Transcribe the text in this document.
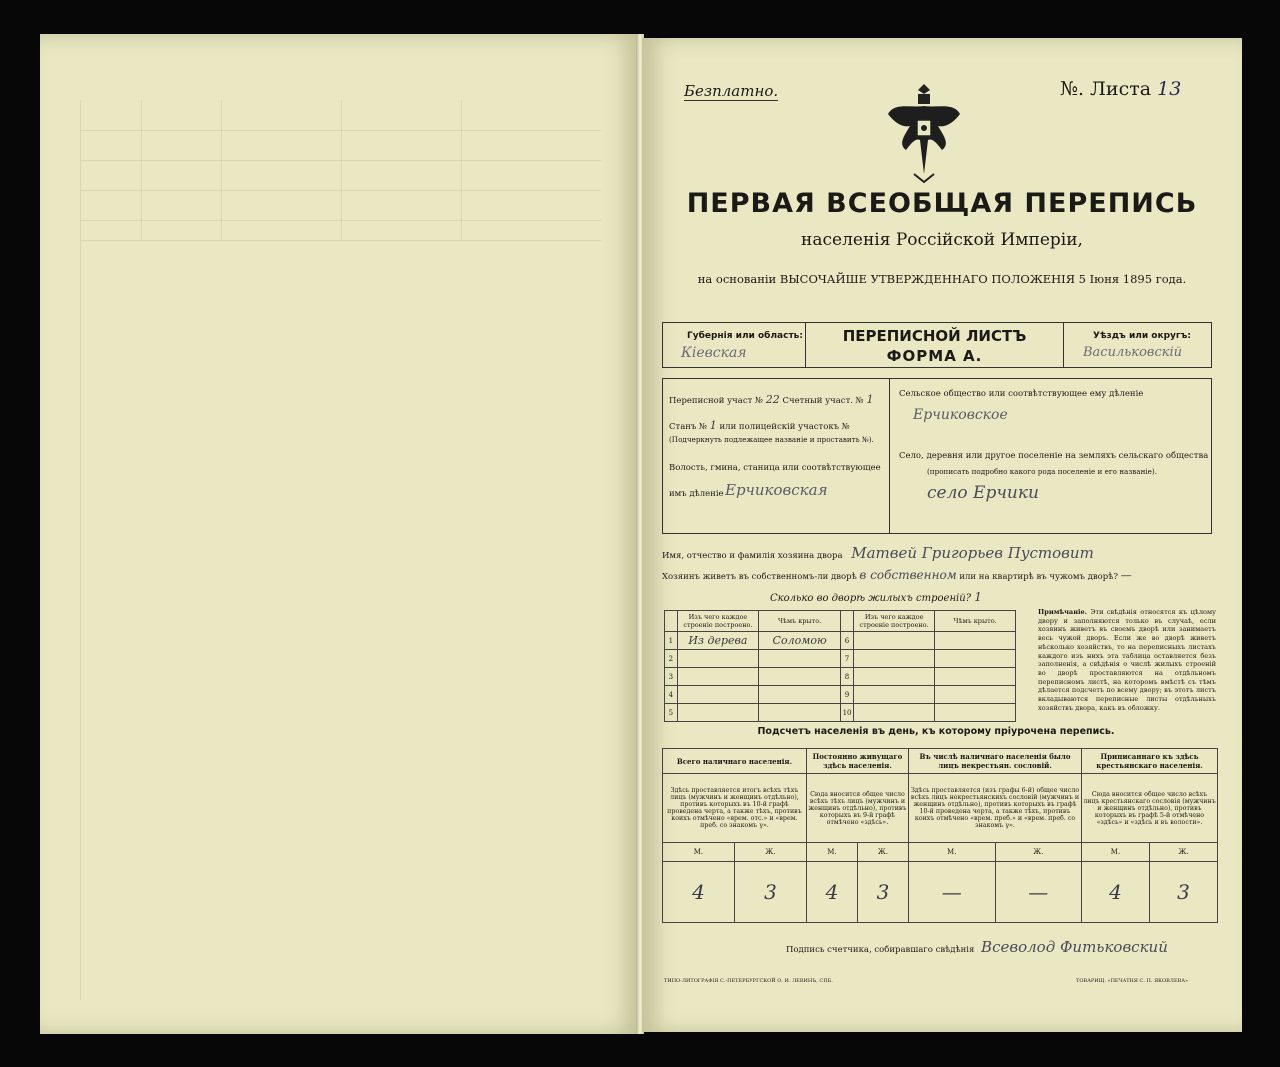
Безплатно.	№. Листа 13
ПЕРВАЯ ВСЕОБЩАЯ ПЕРЕПИСЬ
населенія Россійской Имперіи,
на основаніи ВЫСОЧАЙШЕ УТВЕРЖДЕННАГО ПОЛОЖЕНІЯ 5 Іюня 1895 года.
Губернія или область:
Кіевская
ПЕРЕПИСНОЙ ЛИСТЪ
ФОРМА А.
Уѣздъ или округъ:
Васильковскій
Переписной участ № 22 Счетный участ. № 1
Станъ № 1 или полицейскій участокъ №
(Подчеркнуть подлежащее названіе и проставить №).
Волость, гмина, станица или соотвѣтствующее
имъ дѣленіе Ерчиковская
Сельское общество или соотвѣтствующее ему дѣленіе
Ерчиковское
Село, деревня или другое поселеніе на земляхъ сельскаго общества
(прописать подробно какого рода поселеніе и его названіе).
село Ерчики
Имя, отчество и фамилія хозяина двора Матвей Григорьев Пустовит
Хозяинъ живетъ въ собственномъ-ли дворѣ в собственном или на квартирѣ въ чужомъ дворѣ? —
Сколько во дворѣ жилыхъ строеній? 1
	Изъ чего каждое строеніе построено.	Чѣмъ крыто.		Изъ чего каждое строеніе построено.	Чѣмъ крыто.
1	Из дерева	Соломою	6		
2			7		
3			8		
4			9		
5			10		
Примѣчаніе. Эти свѣдѣнія относятся къ цѣлому двору и заполняются только въ случаѣ, если хозяинъ живетъ въ своемъ дворѣ или занимаетъ весь чужой дворъ. Если же во дворѣ живетъ нѣсколько хозяйствъ, то на переписныхъ листахъ каждого изъ нихъ эта таблица оставляется безъ заполненія, а свѣдѣнія о числѣ жилыхъ строеній во дворѣ проставляются на отдѣльномъ переписномъ листѣ, на которомъ вмѣстѣ съ тѣмъ дѣлается подсчетъ по всему двору; въ этотъ листъ вкладываются переписные листы отдѣльныхъ хозяйствъ двора, какъ въ обложку.
Подсчетъ населенія въ день, къ которому пріурочена перепись.
Всего наличнаго населенія.		Постоянно живущаго здѣсь населенія.		Въ числѣ наличнаго населенія было лицъ некрестьян. сословій.		Приписаннаго къ здѣсь крестьянскаго населенія.	
Здѣсь проставляется итогъ всѣхъ тѣхъ лицъ (мужчинъ и женщинъ отдѣльно), противъ которыхъ въ 10-й графѣ проведена черта, а также тѣхъ, противъ коихъ отмѣчено «врем. отс.» и «врем. преб. со знакомъ γ».		Сюда вносится общее число всѣхъ тѣхъ лицъ (мужчинъ и женщинъ отдѣльно), противъ которыхъ въ 9-й графѣ отмѣчено «здѣсь».		Здѣсь проставляется (изъ графы 6-й) общее число всѣхъ лицъ некрестьянскихъ сословій (мужчинъ и женщинъ отдѣльно), противъ которыхъ въ графѣ 10-й проведена черта, а также тѣхъ, противъ коихъ отмѣчено «врем. преб.» и «врем. преб. со знакомъ γ».		Сюда вносится общее число всѣхъ лицъ крестьянскаго сословія (мужчинъ и женщинъ отдѣльно), противъ которыхъ въ графѣ 5-й отмѣчено «здѣсь» и «здѣсь и въ волости».	
М.	Ж.	М.	Ж.	М.	Ж.	М.	Ж.
4	3	4	3	—	—	4	3
Подпись счетчика, собиравшаго свѣдѣнія Всеволод Фитьковский
ТИПО-ЛИТОГРАФІЯ С.-ПЕТЕРБУРГСКОЙ О. И. ЛЕВИНЪ, СПБ.	ТОВАРИЩ. «ПЕЧАТНЯ С. П. ЯКОВЛЕВА»
